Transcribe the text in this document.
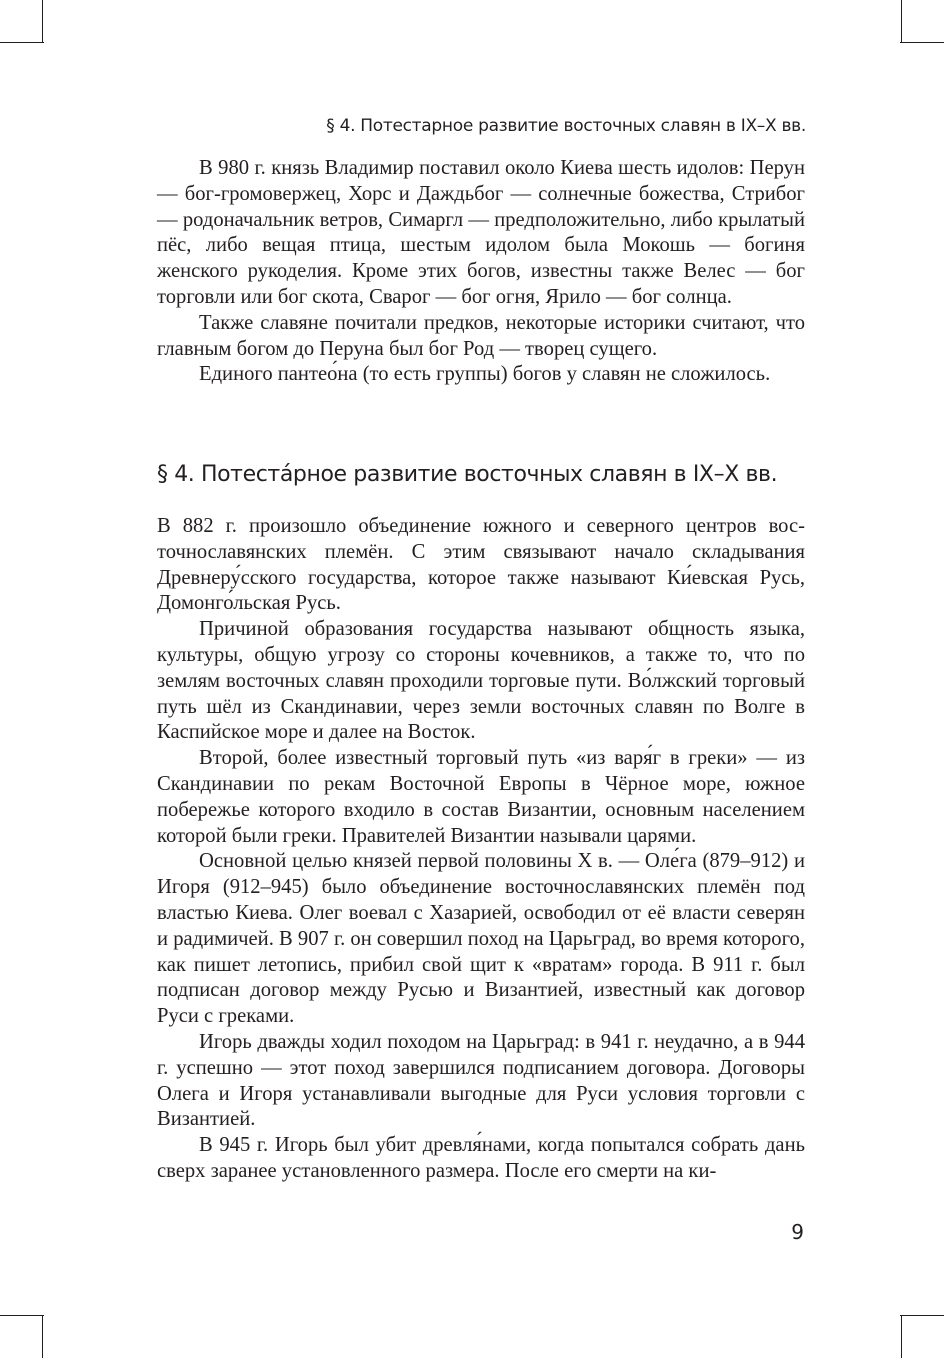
§ 4. Потестарное развитие восточных славян в IX–X вв.

В 980 г. князь Владимир поставил около Киева шесть идолов: Перун — бог-громовержец, Хорс и Даждьбог — солнечные божества, Стрибог — родоначальник ветров, Симаргл — предположительно, либо крылатый пёс, либо вещая птица, шестым идолом была Мокошь — богиня женского рукоделия. Кроме этих богов, известны также Велес — бог торговли или бог скота, Сварог — бог огня, Ярило — бог солнца.

Также славяне почитали предков, некоторые историки считают, что главным богом до Перуна был бог Род — творец сущего.

Единого пантео́на (то есть группы) богов у славян не сложилось.

§ 4. Потеста́рное развитие восточных славян в IX–X вв.

В 882 г. произошло объединение южного и северного центров восточнославянских племён. С этим связывают начало складывания Древнеру́сского государства, которое также называют Ки́евская Русь, Домонго́льская Русь.

Причиной образования государства называют общность языка, культуры, общую угрозу со стороны кочевников, а также то, что по землям восточных славян проходили торговые пути. Во́лжский торговый путь шёл из Скандинавии, через земли восточных славян по Волге в Каспийское море и далее на Восток.

Второй, более известный торговый путь «из варя́г в греки» — из Скандинавии по рекам Восточной Европы в Чёрное море, южное побережье которого входило в состав Византии, основным населением которой были греки. Правителей Византии называли царями.

Основной целью князей первой половины X в. — Оле́га (879–912) и Игоря (912–945) было объединение восточнославянских племён под властью Киева. Олег воевал с Хазарией, освободил от её власти северян и радимичей. В 907 г. он совершил поход на Царьград, во время которого, как пишет летопись, прибил свой щит к «вратам» города. В 911 г. был подписан договор между Русью и Византией, известный как договор Руси с греками.

Игорь дважды ходил походом на Царьград: в 941 г. неудачно, а в 944 г. успешно — этот поход завершился подписанием договора. Договоры Олега и Игоря устанавливали выгодные для Руси условия торговли с Византией.

В 945 г. Игорь был убит древля́нами, когда попытался собрать дань сверх заранее установленного размера. После его смерти на ки-

9
